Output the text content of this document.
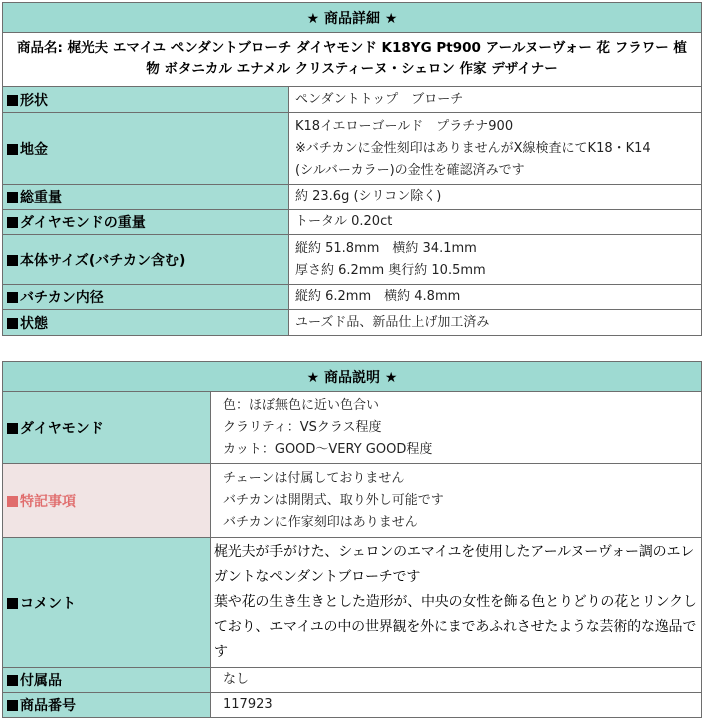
★ 商品詳細 ★	
商品名: 梶光夫 エマイユ ペンダントブローチ ダイヤモンド K18YG Pt900 アールヌーヴォー 花 フラワー 植物 ボタニカル エナメル クリスティーヌ・シェロン 作家 デザイナー	
形状	ペンダントトップ　ブローチ

地金	K18イエローゴールド　プラチナ900
※バチカンに金性刻印はありませんがX線検査にてK18・K14
(シルバーカラー)の金性を確認済みです

総重量	約 23.6g (シリコン除く)

ダイヤモンドの重量	トータル 0.20ct

本体サイズ(バチカン含む)	縦約 51.8mm　横約 34.1mm
厚さ約 6.2mm 奥行約 10.5mm

バチカン内径	縦約 6.2mm　横約 4.8mm

状態	ユーズド品、新品仕上げ加工済み
★ 商品説明 ★	
ダイヤモンド	色：ほぼ無色に近い色合い
クラリティ：VSクラス程度
カット：GOOD～VERY GOOD程度

特記事項	チェーンは付属しておりません
バチカンは開閉式、取り外し可能です
バチカンに作家刻印はありません

コメント	梶光夫が手がけた、シェロンのエマイユを使用したアールヌーヴォー調のエレガントなペンダントブローチです
葉や花の生き生きとした造形が、中央の女性を飾る色とりどりの花とリンクしており、エマイユの中の世界観を外にまであふれさせたような芸術的な逸品です

付属品	なし

商品番号	117923
